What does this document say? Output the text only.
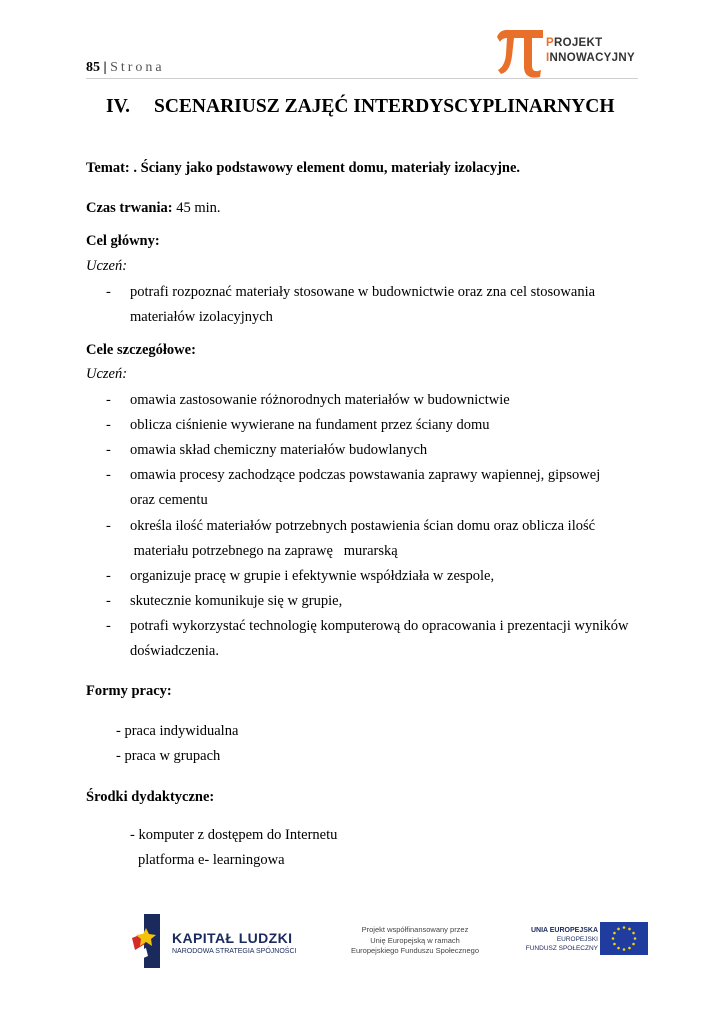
85 | Strona
PROJEKT
INNOWACYJNY
IV. SCENARIUSZ ZAJĘĆ INTERDYSCYPLINARNYCH
Temat: . Ściany jako podstawowy element domu, materiały izolacyjne.
Czas trwania: 45 min.
Cel główny:
Uczeń:
- potrafi rozpoznać materiały stosowane w budownictwie oraz zna cel stosowania
materiałów izolacyjnych
Cele szczegółowe:
Uczeń:
- omawia zastosowanie różnorodnych materiałów w budownictwie
- oblicza ciśnienie wywierane na fundament przez ściany domu
- omawia skład chemiczny materiałów budowlanych
- omawia procesy zachodzące podczas powstawania zaprawy wapiennej, gipsowej
oraz cementu
- określa ilość materiałów potrzebnych postawienia ścian domu oraz oblicza ilość
materiału potrzebnego na zaprawę   murarską
- organizuje pracę w grupie i efektywnie współdziała w zespole,
- skutecznie komunikuje się w grupie,
- potrafi wykorzystać technologię komputerową do opracowania i prezentacji wyników
doświadczenia.
Formy pracy:
- praca indywidualna
- praca w grupach
Środki dydaktyczne:
- komputer z dostępem do Internetu
platforma e- learningowa
KAPITAŁ LUDZKI
NARODOWA STRATEGIA SPÓJNOŚCI
Projekt współfinansowany przez
Unię Europejską w ramach
Europejskiego Funduszu Społecznego
UNIA EUROPEJSKA
EUROPEJSKI
FUNDUSZ SPOŁECZNY
